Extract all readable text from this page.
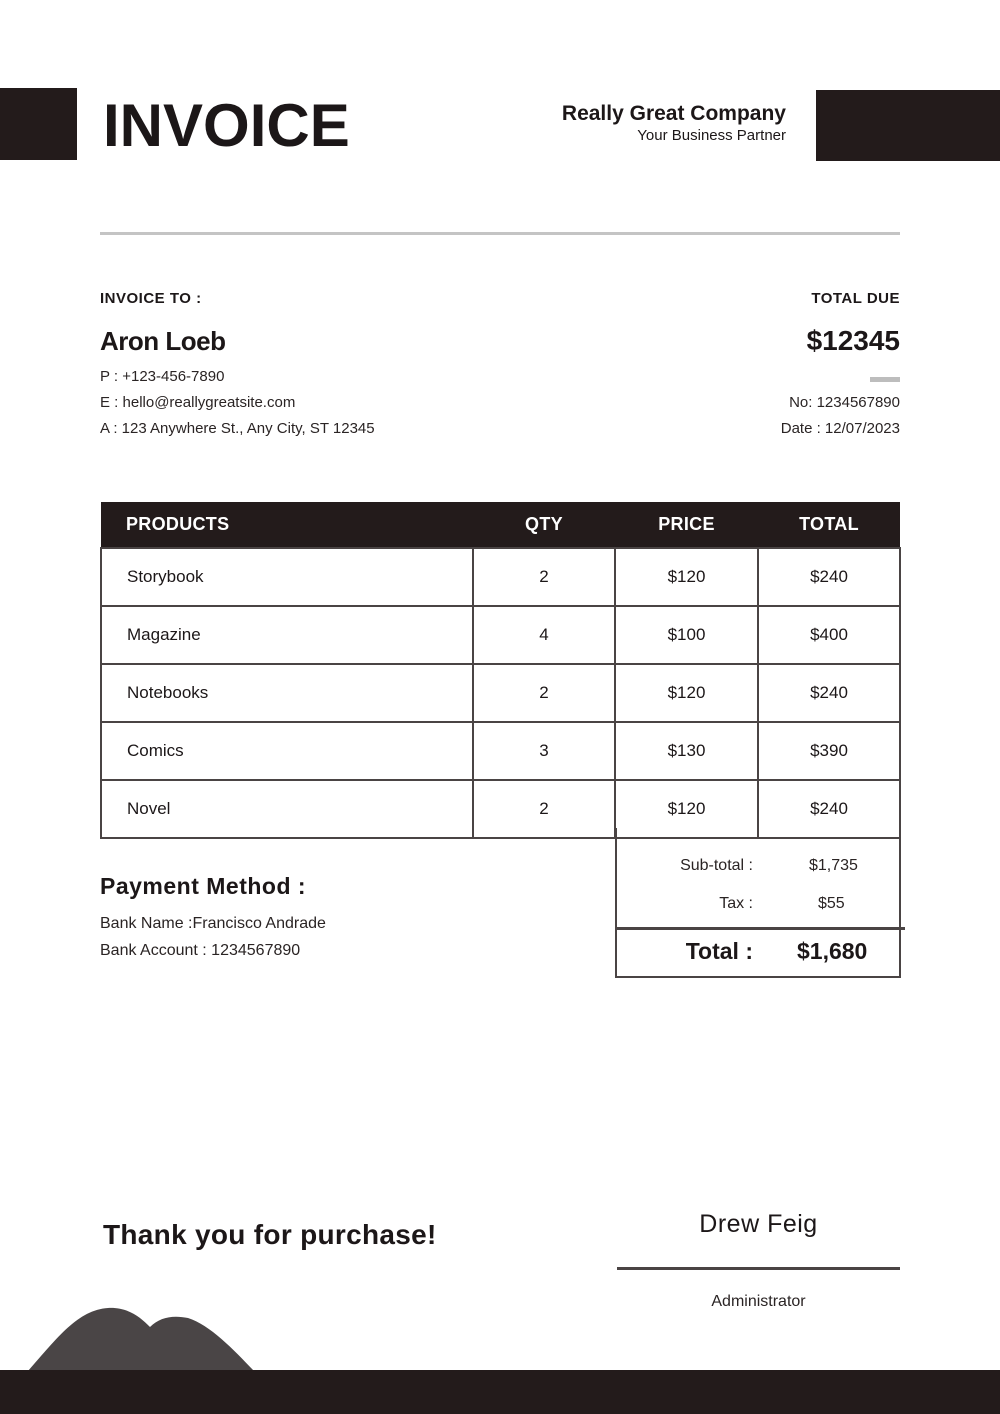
INVOICE	Really Great Company
Your Business Partner
INVOICE TO :
Aron Loeb
P : +123-456-7890
E : hello@reallygreatsite.com
A : 123 Anywhere St., Any City, ST 12345
TOTAL DUE
$12345
No: 1234567890
Date : 12/07/2023
PRODUCTS	QTY	PRICE	TOTAL
Storybook	2	$120	$240
Magazine	4	$100	$400
Notebooks	2	$120	$240
Comics	3	$130	$390
Novel	2	$120	$240
Sub-total :	$1,735
Tax :	$55
Total : $1,680
Payment Method :
Bank Name :Francisco Andrade
Bank Account : 1234567890
Thank you for purchase!	Drew Feig
Administrator
